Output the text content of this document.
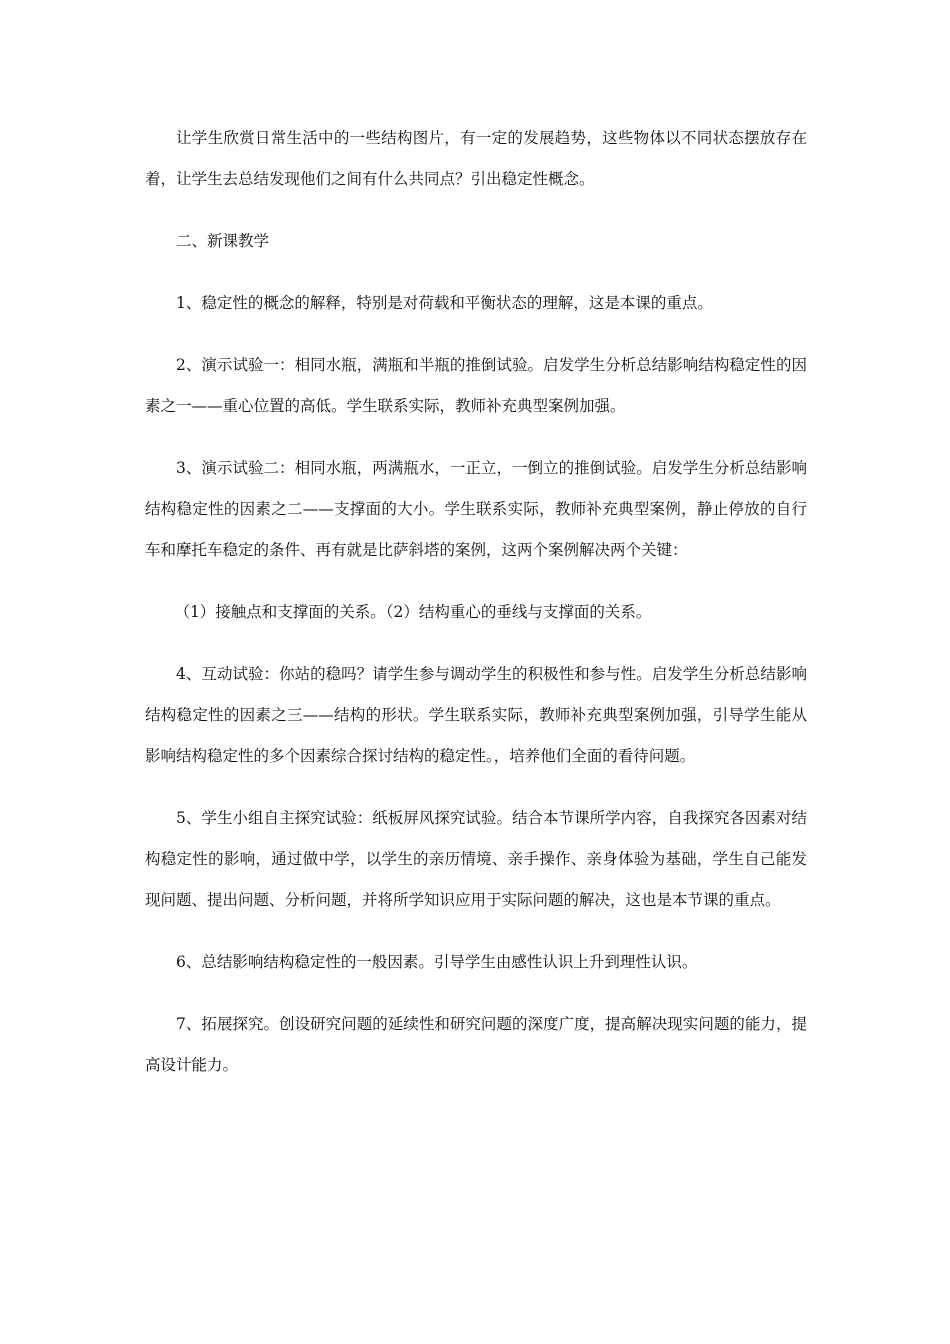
让学生欣赏日常生活中的一些结构图片，有一定的发展趋势，这些物体以不同状态摆放存在着，让学生去总结发现他们之间有什么共同点？引出稳定性概念。

二、新课教学

1、稳定性的概念的解释，特别是对荷载和平衡状态的理解，这是本课的重点。

2、演示试验一：相同水瓶，满瓶和半瓶的推倒试验。启发学生分析总结影响结构稳定性的因素之一——重心位置的高低。学生联系实际，教师补充典型案例加强。

3、演示试验二：相同水瓶，两满瓶水，一正立，一倒立的推倒试验。启发学生分析总结影响结构稳定性的因素之二——支撑面的大小。学生联系实际，教师补充典型案例，静止停放的自行车和摩托车稳定的条件、再有就是比萨斜塔的案例，这两个案例解决两个关键：

（1）接触点和支撑面的关系。（2）结构重心的垂线与支撑面的关系。

4、互动试验：你站的稳吗？请学生参与调动学生的积极性和参与性。启发学生分析总结影响结构稳定性的因素之三——结构的形状。学生联系实际，教师补充典型案例加强，引导学生能从影响结构稳定性的多个因素综合探讨结构的稳定性。，培养他们全面的看待问题。

5、学生小组自主探究试验：纸板屏风探究试验。结合本节课所学内容，自我探究各因素对结构稳定性的影响，通过做中学，以学生的亲历情境、亲手操作、亲身体验为基础，学生自己能发现问题、提出问题、分析问题，并将所学知识应用于实际问题的解决，这也是本节课的重点。

6、总结影响结构稳定性的一般因素。引导学生由感性认识上升到理性认识。

7、拓展探究。创设研究问题的延续性和研究问题的深度广度，提高解决现实问题的能力，提高设计能力。
